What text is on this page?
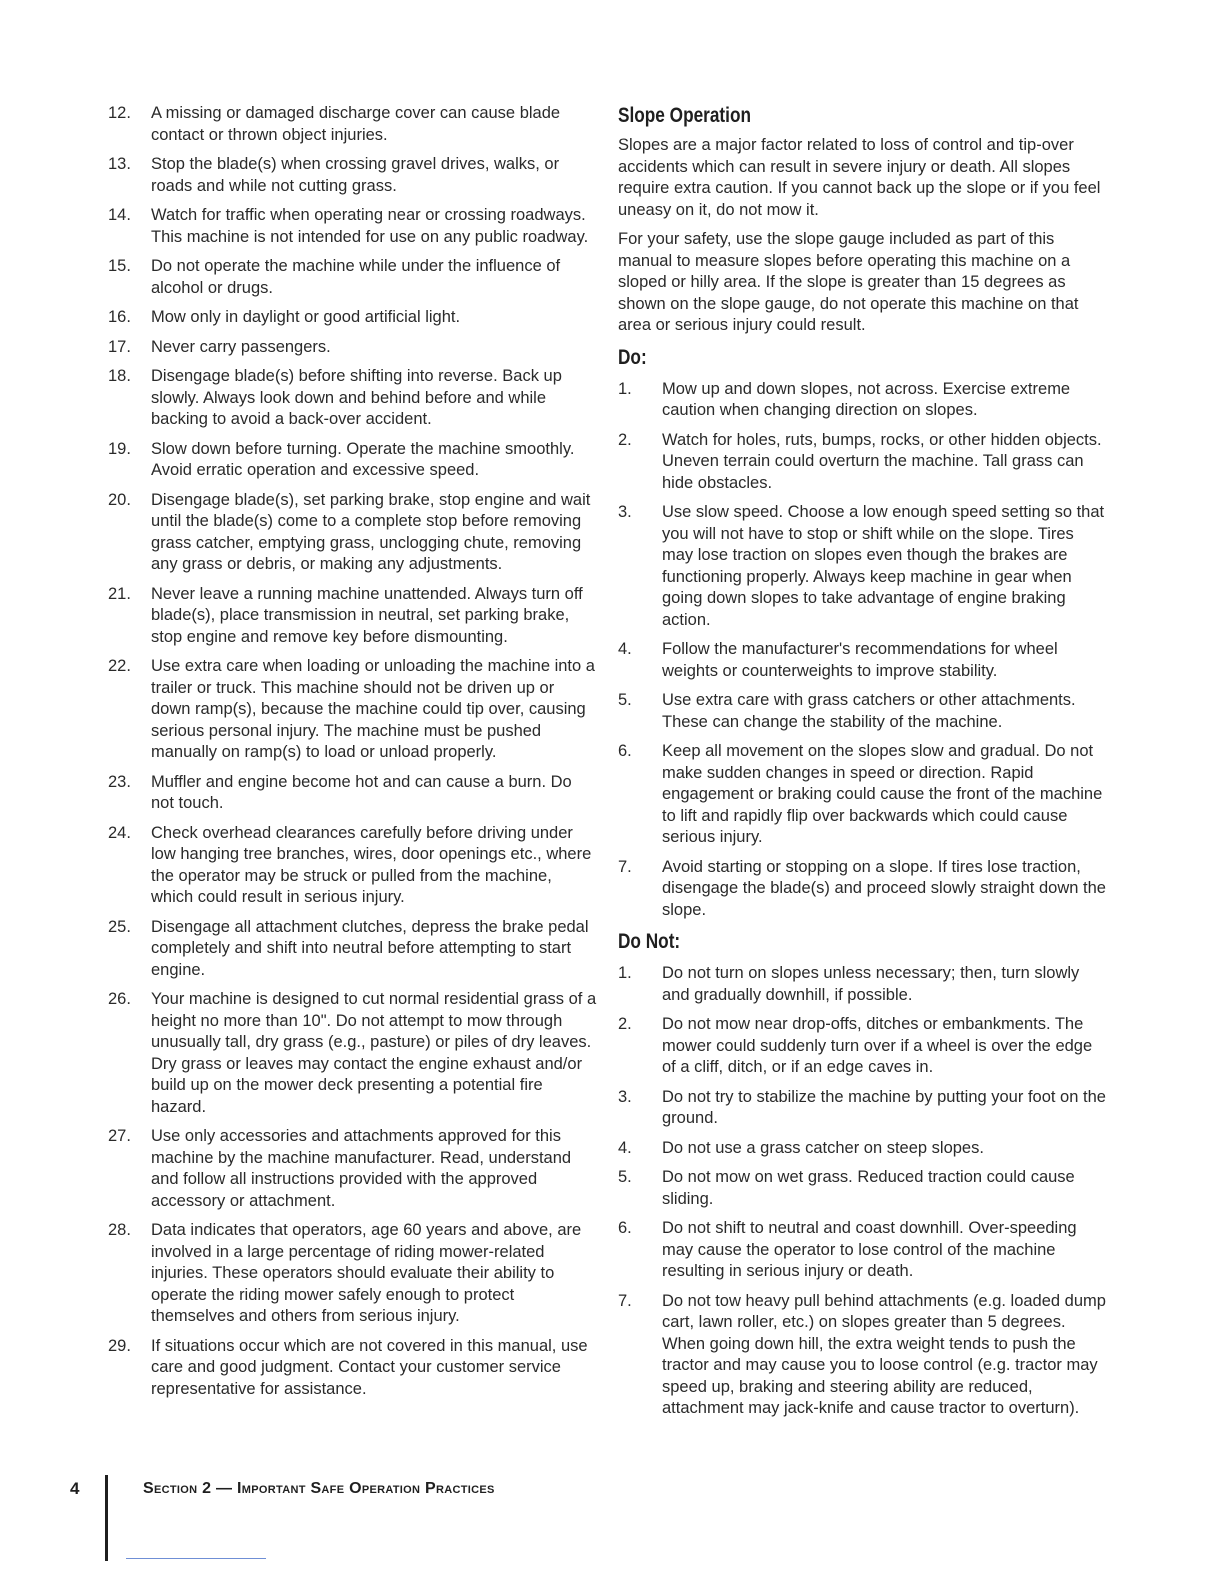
12.	A missing or damaged discharge cover can cause blade contact or thrown object injuries.
13.	Stop the blade(s) when crossing gravel drives, walks, or roads and while not cutting grass.
14.	Watch for traffic when operating near or crossing roadways. This machine is not intended for use on any public roadway.
15.	Do not operate the machine while under the influence of alcohol or drugs.
16.	Mow only in daylight or good artificial light.
17.	Never carry passengers.
18.	Disengage blade(s) before shifting into reverse. Back up slowly. Always look down and behind before and while backing to avoid a back-over accident.
19.	Slow down before turning. Operate the machine smoothly. Avoid erratic operation and excessive speed.
20.	Disengage blade(s), set parking brake, stop engine and wait until the blade(s) come to a complete stop before removing grass catcher, emptying grass, unclogging chute, removing any grass or debris, or making any adjustments.
21.	Never leave a running machine unattended. Always turn off blade(s), place transmission in neutral, set parking brake, stop engine and remove key before dismounting.
22.	Use extra care when loading or unloading the machine into a trailer or truck. This machine should not be driven up or down ramp(s), because the machine could tip over, causing serious personal injury. The machine must be pushed manually on ramp(s) to load or unload properly.
23.	Muffler and engine become hot and can cause a burn. Do not touch.
24.	Check overhead clearances carefully before driving under low hanging tree branches, wires, door openings etc., where the operator may be struck or pulled from the machine, which could result in serious injury.
25.	Disengage all attachment clutches, depress the brake pedal completely and shift into neutral before attempting to start engine.
26.	Your machine is designed to cut normal residential grass of a height no more than 10". Do not attempt to mow through unusually tall, dry grass (e.g., pasture) or piles of dry leaves. Dry grass or leaves may contact the engine exhaust and/or build up on the mower deck presenting a potential fire hazard.
27.	Use only accessories and attachments approved for this machine by the machine manufacturer. Read, understand and follow all instructions provided with the approved accessory or attachment.
28.	Data indicates that operators, age 60 years and above, are involved in a large percentage of riding mower-related injuries. These operators should evaluate their ability to operate the riding mower safely enough to protect themselves and others from serious injury.
29.	If situations occur which are not covered in this manual, use care and good judgment. Contact your customer service representative for assistance.
Slope Operation

Slopes are a major factor related to loss of control and tip-over accidents which can result in severe injury or death. All slopes require extra caution. If you cannot back up the slope or if you feel uneasy on it, do not mow it.

For your safety, use the slope gauge included as part of this manual to measure slopes before operating this machine on a sloped or hilly area. If the slope is greater than 15 degrees as shown on the slope gauge, do not operate this machine on that area or serious injury could result.

Do:
1.	Mow up and down slopes, not across. Exercise extreme caution when changing direction on slopes.
2.	Watch for holes, ruts, bumps, rocks, or other hidden objects. Uneven terrain could overturn the machine. Tall grass can hide obstacles.
3.	Use slow speed. Choose a low enough speed setting so that you will not have to stop or shift while on the slope. Tires may lose traction on slopes even though the brakes are functioning properly. Always keep machine in gear when going down slopes to take advantage of engine braking action.
4.	Follow the manufacturer's recommendations for wheel weights or counterweights to improve stability.
5.	Use extra care with grass catchers or other attachments. These can change the stability of the machine.
6.	Keep all movement on the slopes slow and gradual. Do not make sudden changes in speed or direction. Rapid engagement or braking could cause the front of the machine to lift and rapidly flip over backwards which could cause serious injury.
7.	Avoid starting or stopping on a slope. If tires lose traction, disengage the blade(s) and proceed slowly straight down the slope.
Do Not:
1.	Do not turn on slopes unless necessary; then, turn slowly and gradually downhill, if possible.
2.	Do not mow near drop-offs, ditches or embankments. The mower could suddenly turn over if a wheel is over the edge of a cliff, ditch, or if an edge caves in.
3.	Do not try to stabilize the machine by putting your foot on the ground.
4.	Do not use a grass catcher on steep slopes.
5.	Do not mow on wet grass. Reduced traction could cause sliding.
6.	Do not shift to neutral and coast downhill. Over-speeding may cause the operator to lose control of the machine resulting in serious injury or death.
7.	Do not tow heavy pull behind attachments (e.g. loaded dump cart, lawn roller, etc.) on slopes greater than 5 degrees. When going down hill, the extra weight tends to push the tractor and may cause you to loose control (e.g. tractor may speed up, braking and steering ability are reduced, attachment may jack-knife and cause tractor to overturn).
4	Section 2 — Important Safe Operation Practices
